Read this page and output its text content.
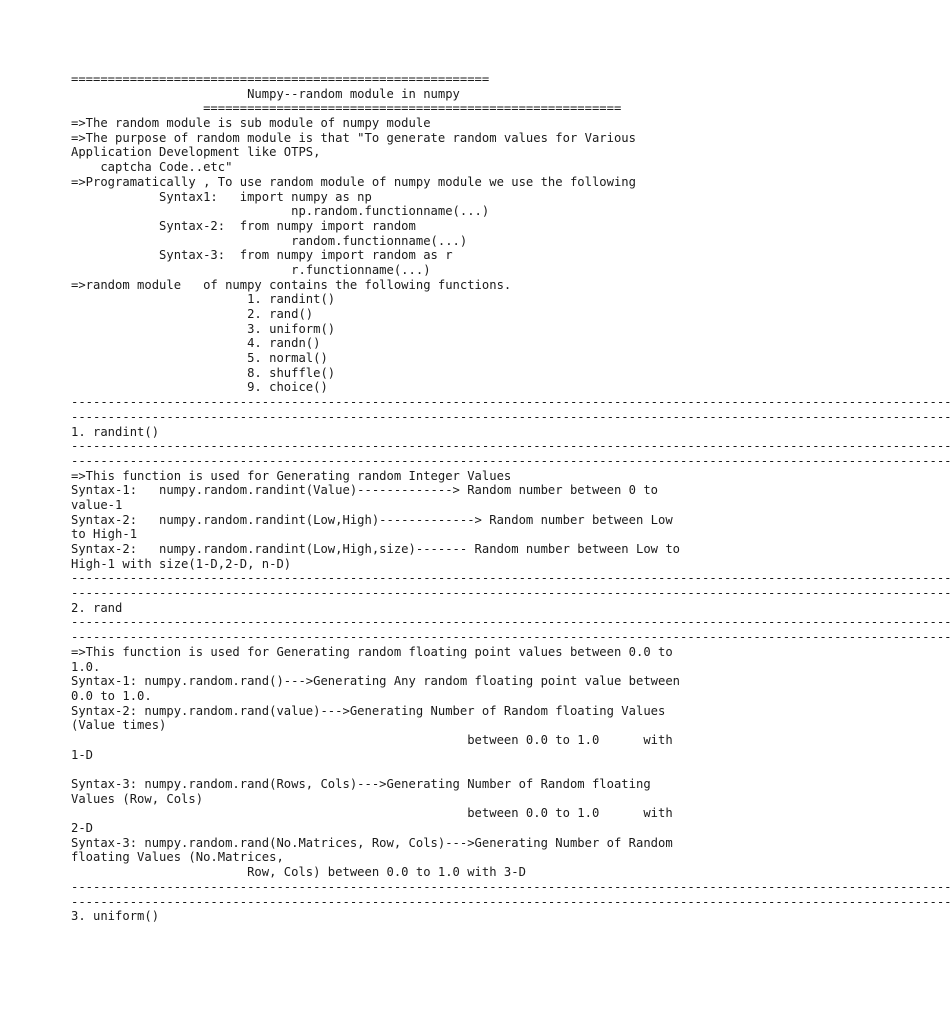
=========================================================
Numpy--random module in numpy
=========================================================
=>The random module is sub module of numpy module
=>The purpose of random module is that "To generate random values for Various
Application Development like OTPS,
captcha Code..etc"
=>Programatically , To use random module of numpy module we use the following
Syntax1:   import numpy as np
np.random.functionname(...)
Syntax-2:  from numpy import random
random.functionname(...)
Syntax-3:  from numpy import random as r
r.functionname(...)
=>random module   of numpy contains the following functions.
1. randint()
2. rand()
3. uniform()
4. randn()
5. normal()
8. shuffle()
9. choice()
------------------------------------------------------------------------------------------------------------------------
------------------------------------------------------------------------------------------------------------------------
1. randint()
------------------------------------------------------------------------------------------------------------------------
------------------------------------------------------------------------------------------------------------------------
=>This function is used for Generating random Integer Values
Syntax-1:   numpy.random.randint(Value)-------------> Random number between 0 to
value-1
Syntax-2:   numpy.random.randint(Low,High)-------------> Random number between Low
to High-1
Syntax-2:   numpy.random.randint(Low,High,size)------- Random number between Low to
High-1 with size(1-D,2-D, n-D)
------------------------------------------------------------------------------------------------------------------------
------------------------------------------------------------------------------------------------------------------------
2. rand
------------------------------------------------------------------------------------------------------------------------
------------------------------------------------------------------------------------------------------------------------
=>This function is used for Generating random floating point values between 0.0 to
1.0.
Syntax-1: numpy.random.rand()--->Generating Any random floating point value between
0.0 to 1.0.
Syntax-2: numpy.random.rand(value)--->Generating Number of Random floating Values
(Value times)
between 0.0 to 1.0      with
1-D

Syntax-3: numpy.random.rand(Rows, Cols)--->Generating Number of Random floating
Values (Row, Cols)
between 0.0 to 1.0      with
2-D
Syntax-3: numpy.random.rand(No.Matrices, Row, Cols)--->Generating Number of Random
floating Values (No.Matrices,
Row, Cols) between 0.0 to 1.0 with 3-D
------------------------------------------------------------------------------------------------------------------------
------------------------------------------------------------------------------------------------------------------------
3. uniform()
